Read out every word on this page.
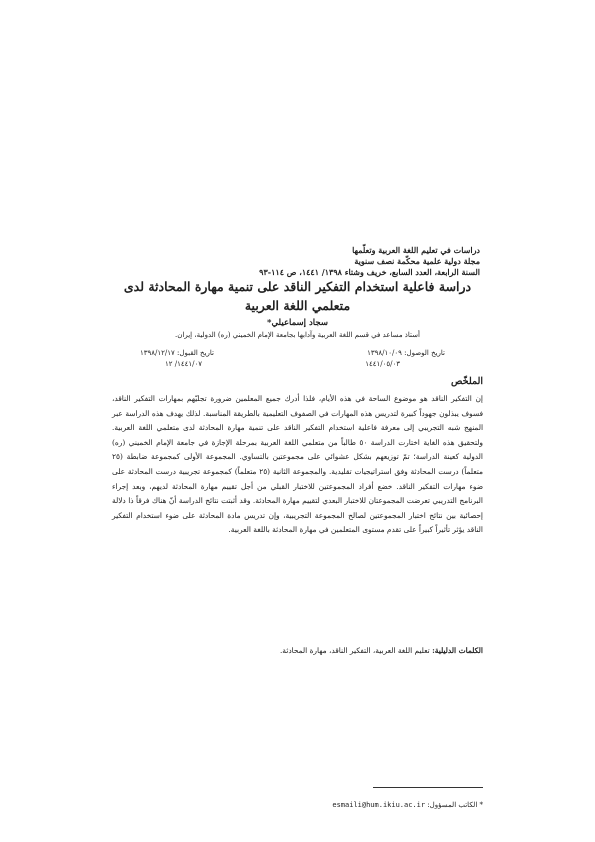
دراسات في تعليم اللغة العربية وتعلّمها
مجلة دولية علمية محكّمة نصف سنوية
السنة الرابعة، العدد السابع، خريف وشتاء ١٣٩٨/ ١٤٤١، ص ١١٤-٩٣
دراسة فاعلية استخدام التفكير الناقد على تنمية مهارة المحادثة لدى
متعلمي اللغة العربية
سجاد إسماعيلي*
أستاذ مساعد في قسم اللغة العربية وآدابها بجامعة الإمام الخميني (ره) الدولية، إيران.
تاريخ الوصول: ١٣٩٨/١٠/٠٩
تاريخ القبول: ١٣٩٨/١٢/١٧
١٤٤١/٠٥/٠٣
١٤٤١/٠٧/ ١٢
الملخّص
إن التفكير الناقد هو موضوع الساحة في هذه الأيام، فلذا أدرك جميع المعلمين ضرورة تجليّهم بمهارات التفكير الناقد، فسوف يبذلون جهوداً كبيرة لتدريس هذه المهارات في الصفوف التعليمية بالطريقة المناسبة. لذلك يهدف هذه الدراسة عبر المنهج شبه التجريبي إلى معرفة فاعلية استخدام التفكير الناقد على تنمية مهارة المحادثة لدى متعلمي اللغة العربية. ولتحقيق هذه الغاية اختارت الدراسة ٥٠ طالباً من متعلمي اللغة العربية بمرحلة الإجازة في جامعة الإمام الخميني (ره) الدولية كعينة الدراسة؛ تمّ توزيعهم بشكل عشوائي على مجموعتين بالتساوي. المجموعة الأولى كمجموعة ضابطة (٢٥ متعلماً) درست المحادثة وفق استراتيجيات تقليدية. والمجموعة الثانية (٢٥ متعلماً) كمجموعة تجريبية درست المحادثة على ضوء مهارات التفكير الناقد. خضع أفراد المجموعتين للاختبار القبلي من أجل تقييم مهارة المحادثة لديهم، وبعد إجراء البرنامج التدريبي تعرضت المجموعتان للاختبار البعدي لتقييم مهارة المحادثة. وقد أثبتت نتائج الدراسة أنّ هناك فرقاً ذا دلالة إحصائية بين نتائج اختبار المجموعتين لصالح المجموعة التجريبية، وإن تدريس مادة المحادثة على ضوء استخدام التفكير الناقد يؤثر تأثيراً كبيراً على تقدم مستوى المتعلمين في مهارة المحادثة باللغة العربية.
الكلمات الدليلية: تعليم اللغة العربية، التفكير الناقد، مهارة المحادثة.
* الكاتب المسؤول: esmaili@hum.ikiu.ac.ir
